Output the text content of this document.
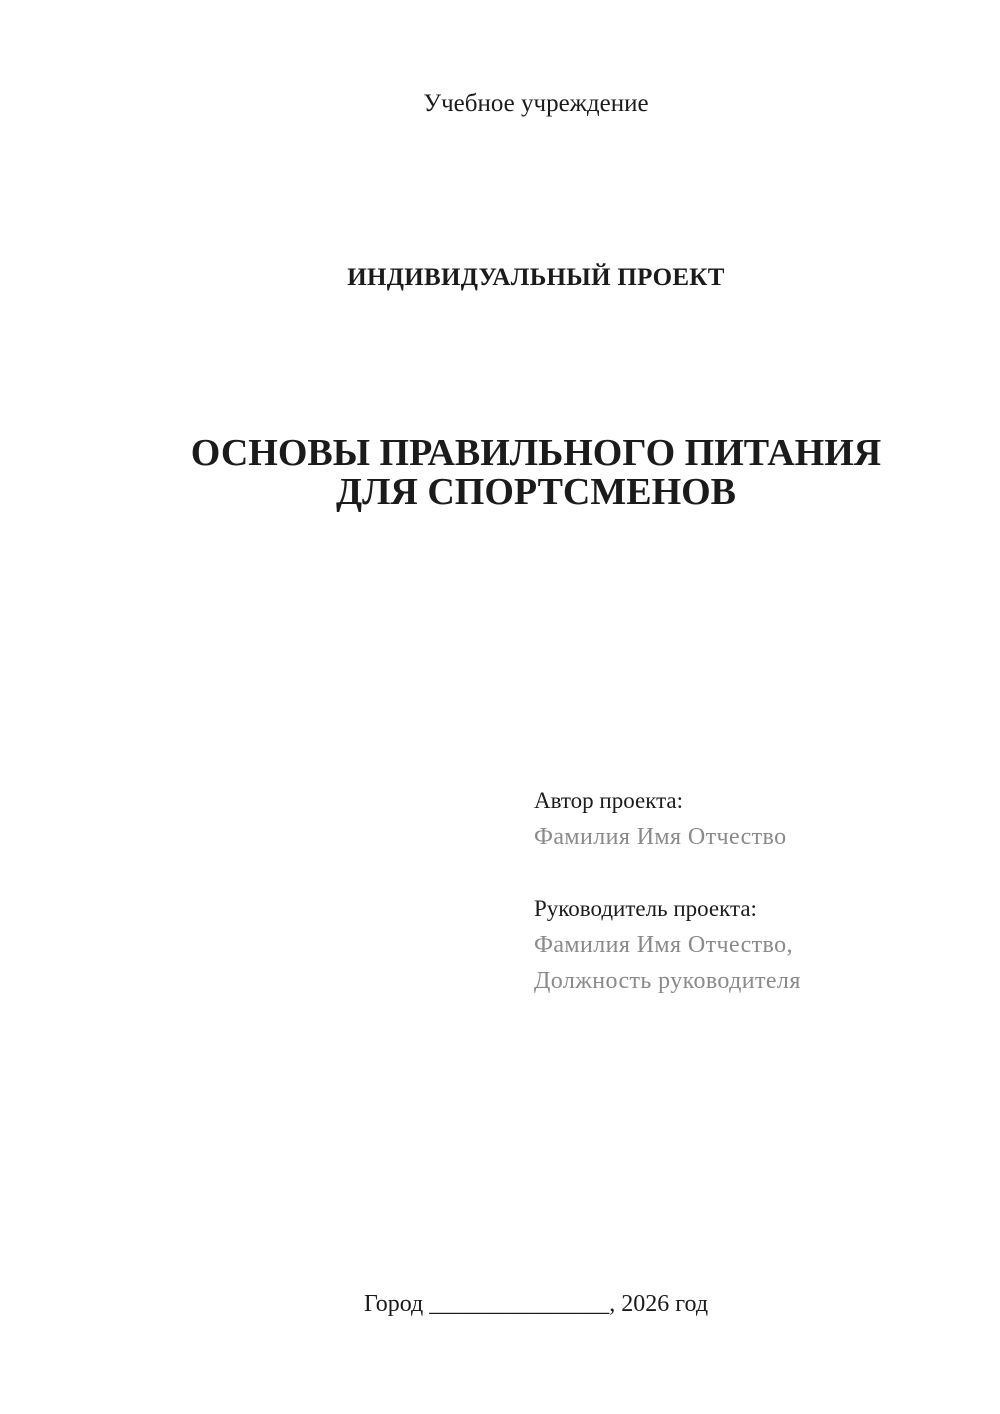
Учебное учреждение
ИНДИВИДУАЛЬНЫЙ ПРОЕКТ
ОСНОВЫ ПРАВИЛЬНОГО ПИТАНИЯ
ДЛЯ СПОРТСМЕНОВ
Автор проекта:
Фамилия Имя Отчество
Руководитель проекта:
Фамилия Имя Отчество,
Должность руководителя
Город _______________, 2026 год
